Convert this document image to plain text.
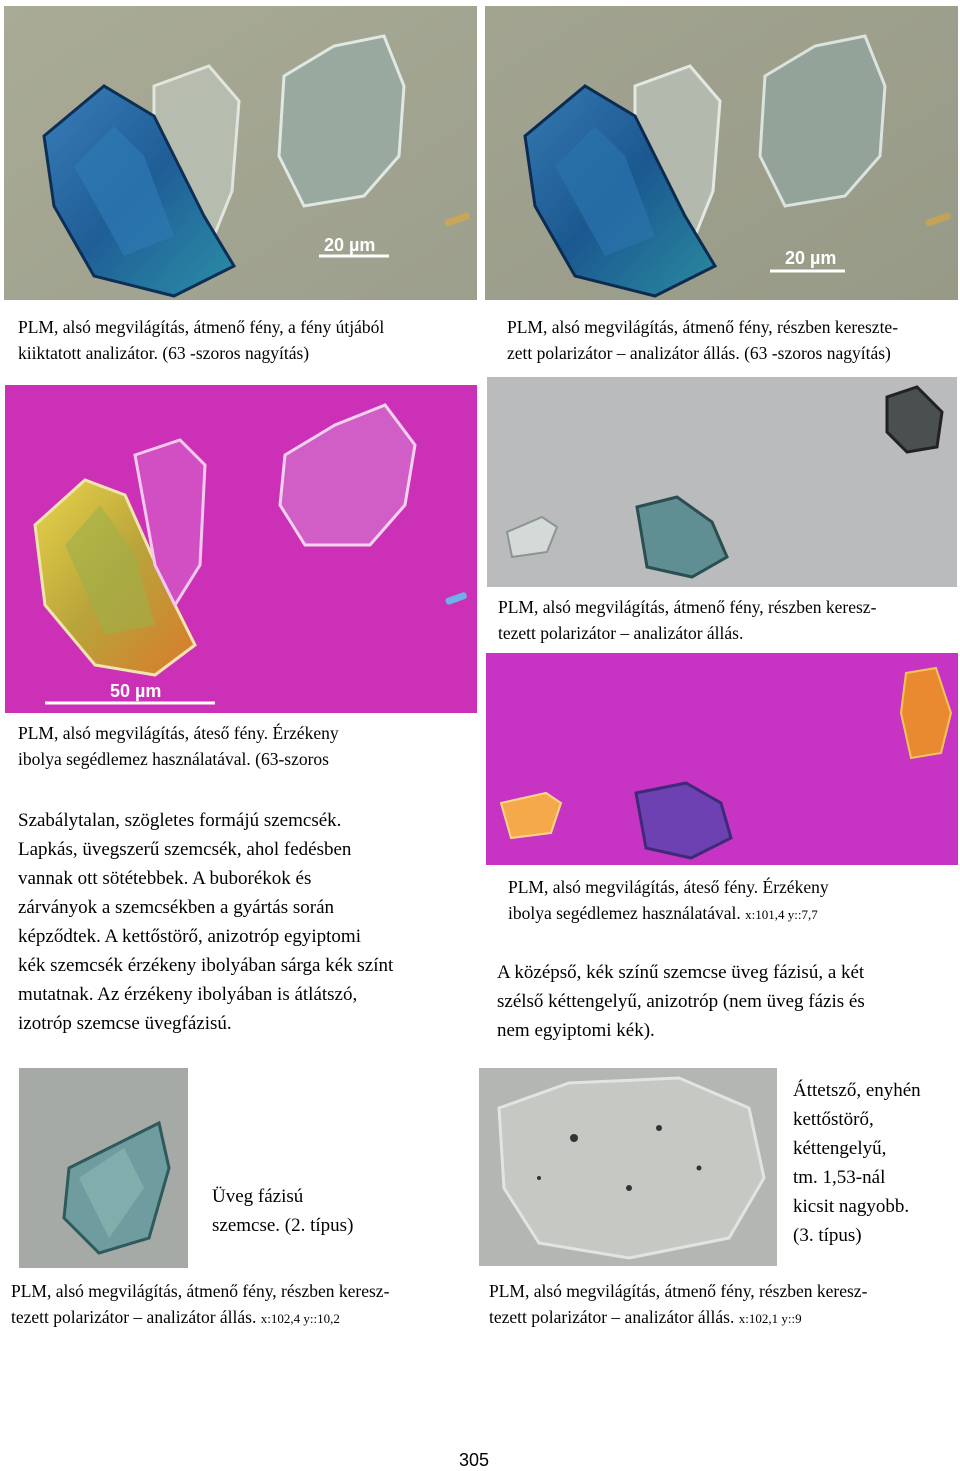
20 µm
20 µm
PLM, alsó megvilágítás, átmenő fény, a fény útjából
kiiktatott analizátor. (63 -szoros nagyítás)
PLM, alsó megvilágítás, átmenő fény, részben kereszte-
zett polarizátor – analizátor állás. (63 -szoros nagyítás)
50 µm
PLM, alsó megvilágítás, átmenő fény, részben keresz-
tezett polarizátor – analizátor állás.
PLM, alsó megvilágítás, áteső fény. Érzékeny
ibolya segédlemez használatával. (63-szoros
PLM, alsó megvilágítás, áteső fény. Érzékeny
ibolya segédlemez használatával. x:101,4 y::7,7
Szabálytalan, szögletes formájú szemcsék.
Lapkás, üvegszerű szemcsék, ahol fedésben
vannak ott sötétebbek. A buborékok és
zárványok a szemcsékben a gyártás során
képződtek. A kettőstörő, anizotróp egyiptomi
kék szemcsék érzékeny ibolyában sárga kék színt
mutatnak. Az érzékeny ibolyában is átlátszó,
izotróp szemcse üvegfázisú.
A középső, kék színű szemcse üveg fázisú, a két
szélső kéttengelyű, anizotróp (nem üveg fázis és
nem egyiptomi kék).
Üveg fázisú
szemcse. (2. típus)
PLM, alsó megvilágítás, átmenő fény, részben keresz-
tezett polarizátor – analizátor állás. x:102,4 y::10,2
Áttetsző, enyhén
kettőstörő,
kéttengelyű,
tm. 1,53-nál
kicsit nagyobb.
(3. típus)
PLM, alsó megvilágítás, átmenő fény, részben keresz-
tezett polarizátor – analizátor állás. x:102,1 y::9
305
